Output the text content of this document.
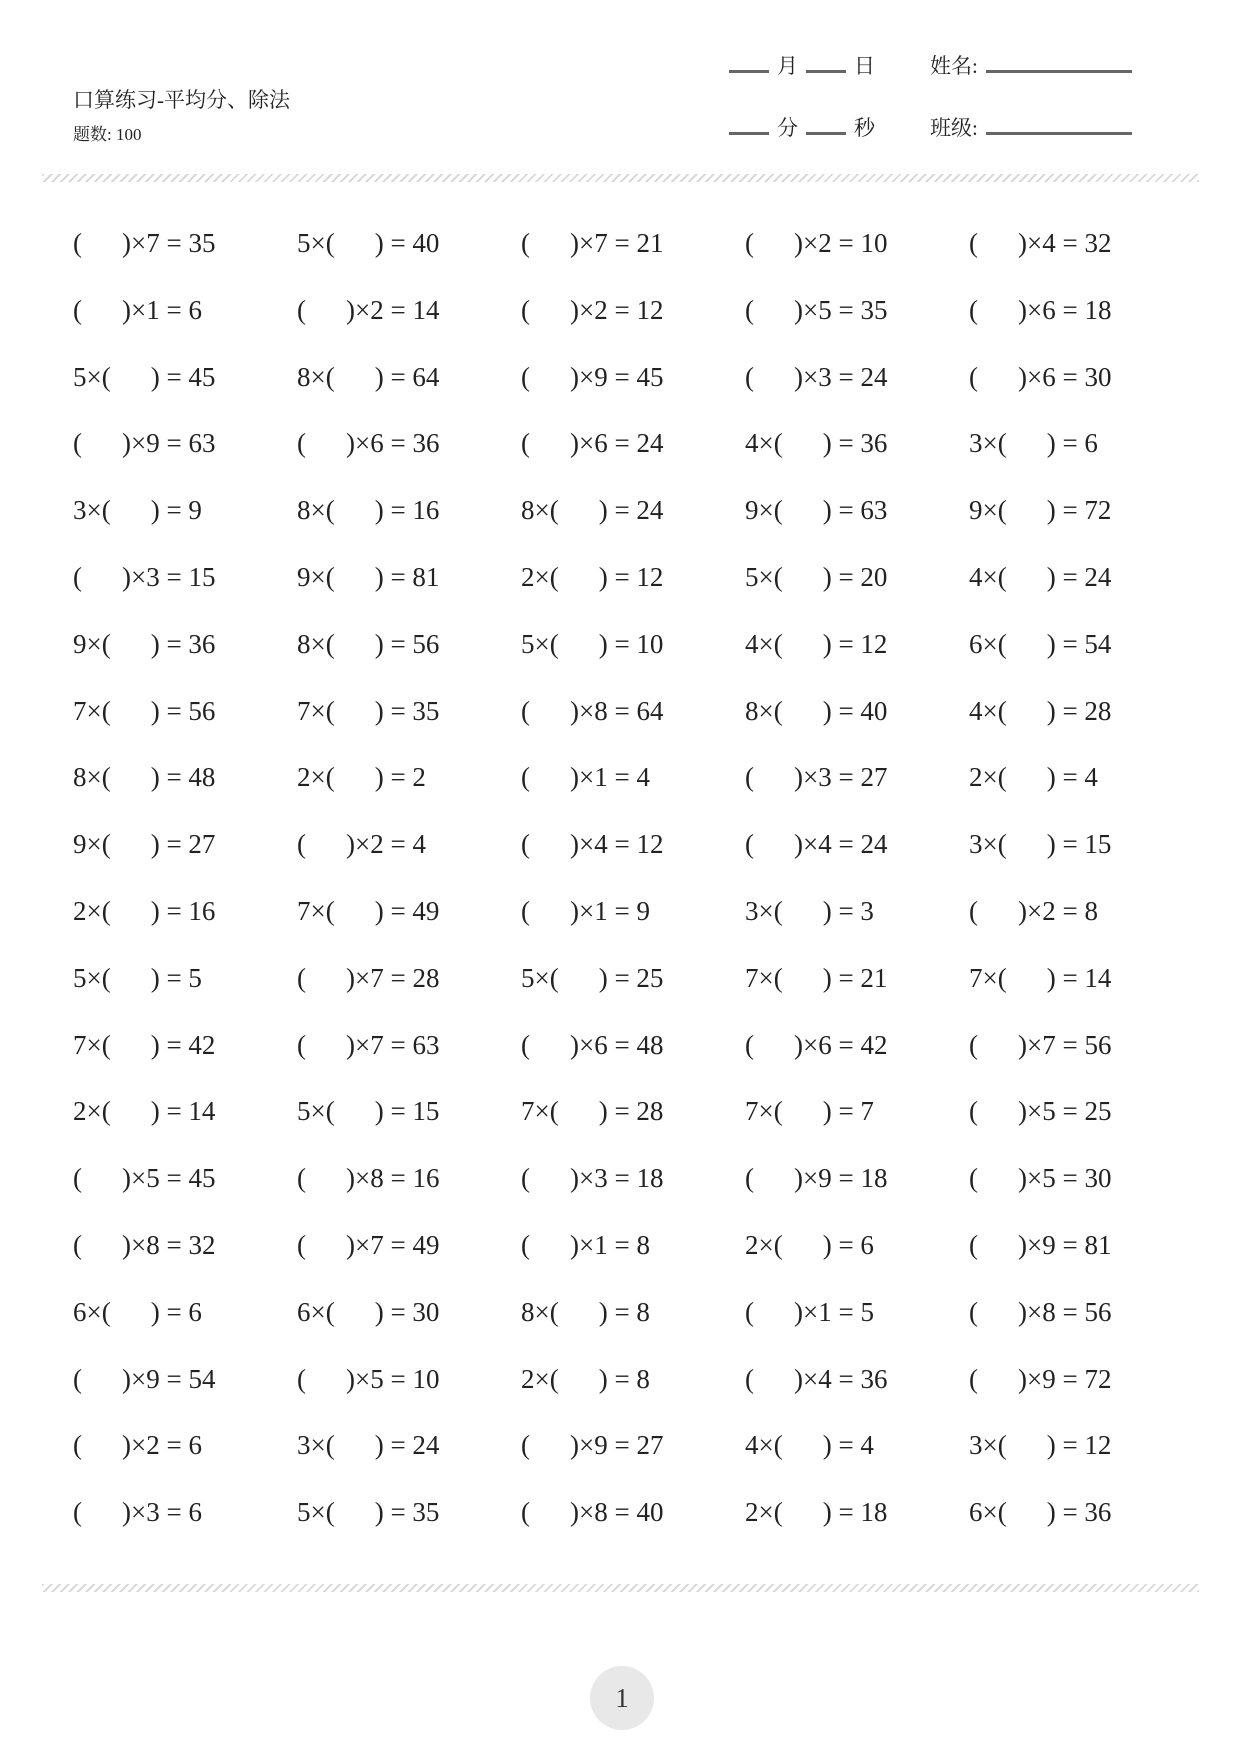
口算练习-平均分、除法
题数: 100
月	日	姓名:
分	秒	班级:
( )×7 = 35	5×( ) = 40	( )×7 = 21	( )×2 = 10	( )×4 = 32
( )×1 = 6	( )×2 = 14	( )×2 = 12	( )×5 = 35	( )×6 = 18
5×( ) = 45	8×( ) = 64	( )×9 = 45	( )×3 = 24	( )×6 = 30
( )×9 = 63	( )×6 = 36	( )×6 = 24	4×( ) = 36	3×( ) = 6
3×( ) = 9	8×( ) = 16	8×( ) = 24	9×( ) = 63	9×( ) = 72
( )×3 = 15	9×( ) = 81	2×( ) = 12	5×( ) = 20	4×( ) = 24
9×( ) = 36	8×( ) = 56	5×( ) = 10	4×( ) = 12	6×( ) = 54
7×( ) = 56	7×( ) = 35	( )×8 = 64	8×( ) = 40	4×( ) = 28
8×( ) = 48	2×( ) = 2	( )×1 = 4	( )×3 = 27	2×( ) = 4
9×( ) = 27	( )×2 = 4	( )×4 = 12	( )×4 = 24	3×( ) = 15
2×( ) = 16	7×( ) = 49	( )×1 = 9	3×( ) = 3	( )×2 = 8
5×( ) = 5	( )×7 = 28	5×( ) = 25	7×( ) = 21	7×( ) = 14
7×( ) = 42	( )×7 = 63	( )×6 = 48	( )×6 = 42	( )×7 = 56
2×( ) = 14	5×( ) = 15	7×( ) = 28	7×( ) = 7	( )×5 = 25
( )×5 = 45	( )×8 = 16	( )×3 = 18	( )×9 = 18	( )×5 = 30
( )×8 = 32	( )×7 = 49	( )×1 = 8	2×( ) = 6	( )×9 = 81
6×( ) = 6	6×( ) = 30	8×( ) = 8	( )×1 = 5	( )×8 = 56
( )×9 = 54	( )×5 = 10	2×( ) = 8	( )×4 = 36	( )×9 = 72
( )×2 = 6	3×( ) = 24	( )×9 = 27	4×( ) = 4	3×( ) = 12
( )×3 = 6	5×( ) = 35	( )×8 = 40	2×( ) = 18	6×( ) = 36
1
